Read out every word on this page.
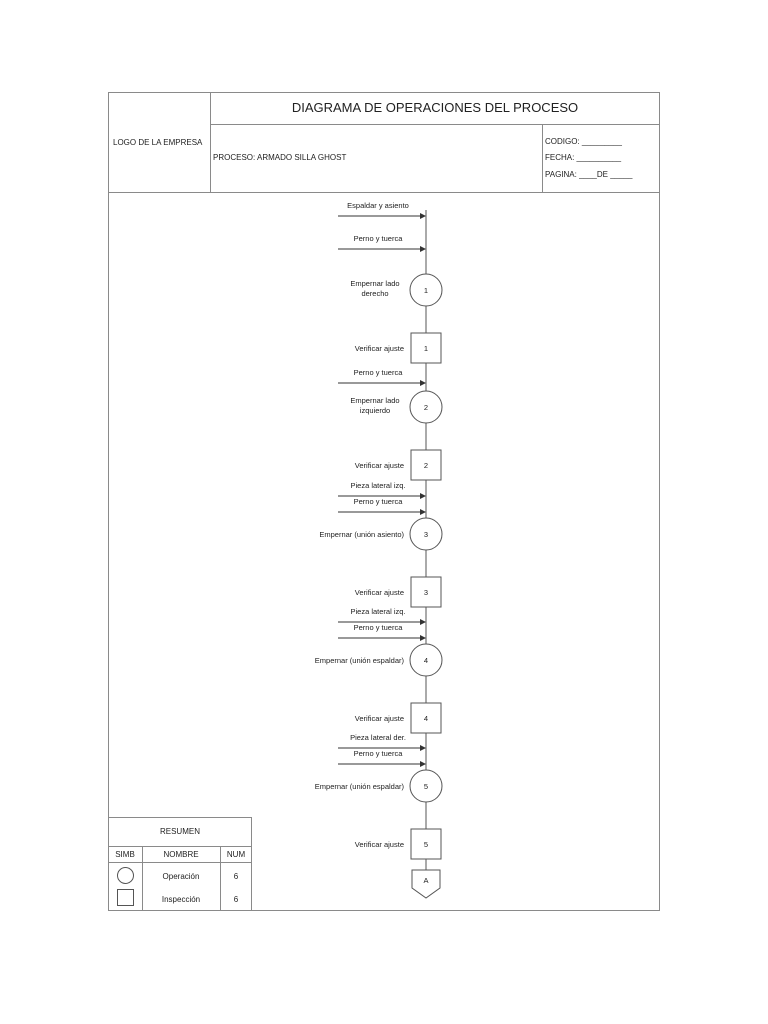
DIAGRAMA DE OPERACIONES DEL PROCESO
LOGO DE LA EMPRESA
PROCESO: ARMADO SILLA GHOST
CODIGO: _________
FECHA: __________
PAGINA: ____DE _____
Espaldar y asiento
Perno y tuerca
Perno y tuerca
Pieza lateral izq.
Perno y tuerca
Pieza lateral izq.
Perno y tuerca
Pieza lateral der.
Perno y tuerca
1
Empernar lado
derecho
1
Verificar ajuste
2
Empernar lado
izquierdo
2
Verificar ajuste
3
Empernar (unión asiento)
3
Verificar ajuste
4
Empernar (unión espaldar)
4
Verificar ajuste
5
Empernar (unión espaldar)
5
Verificar ajuste
A
RESUMEN
SIMB	NOMBRE	NUM
Operación	6
Inspección	6
